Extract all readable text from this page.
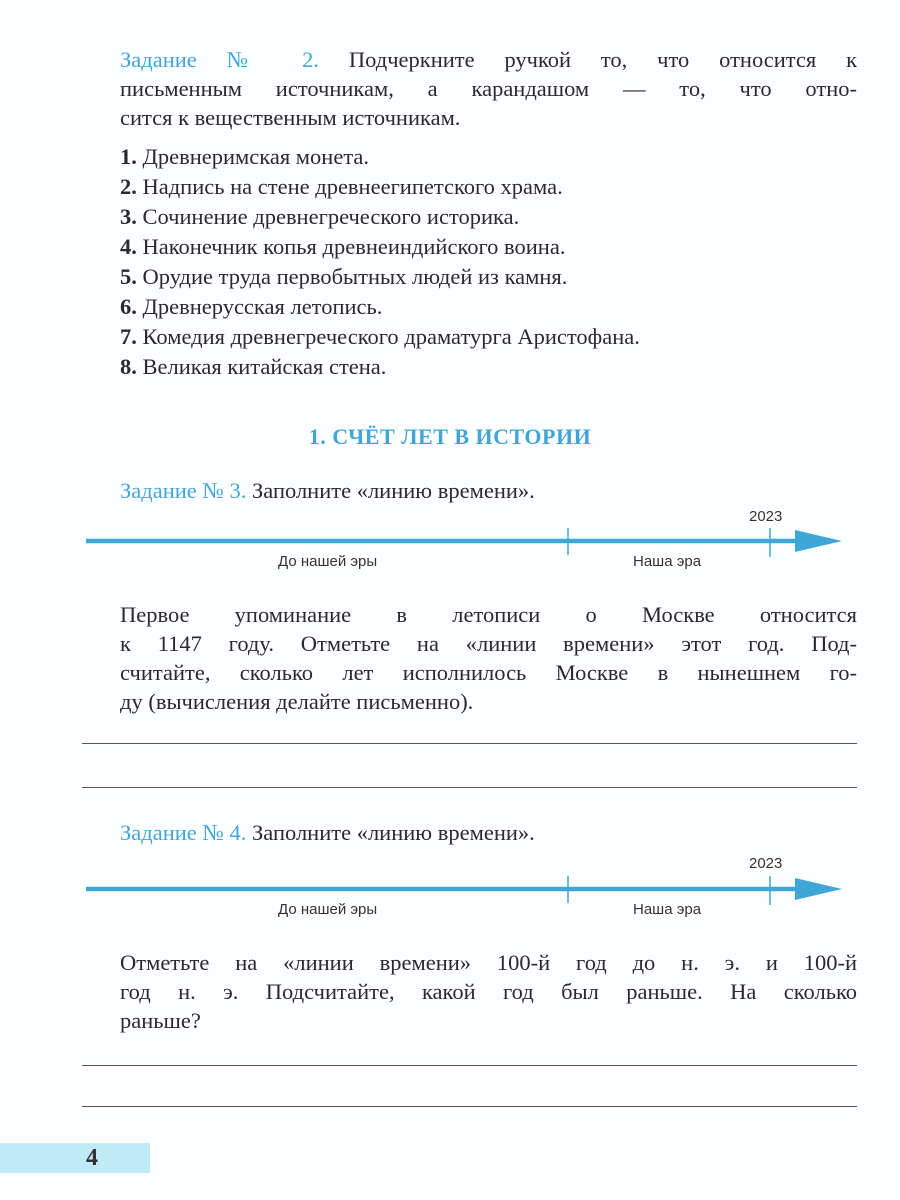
Задание № 2. Подчеркните ручкой то, что относится к
письменным источникам, а карандашом — то, что отно-
сится к вещественным источникам.
1. Древнеримская монета.
2. Надпись на стене древнеегипетского храма.
3. Сочинение древнегреческого историка.
4. Наконечник копья древнеиндийского воина.
5. Орудие труда первобытных людей из камня.
6. Древнерусская летопись.
7. Комедия древнегреческого драматурга Аристофана.
8. Великая китайская стена.
1. СЧЁТ ЛЕТ В ИСТОРИИ
Задание № 3. Заполните «линию времени».
2023
До нашей эры	Наша эра
Первое упоминание в летописи о Москве относится
к 1147 году. Отметьте на «линии времени» этот год. Под-
считайте, сколько лет исполнилось Москве в нынешнем го-
ду (вычисления делайте письменно).
Задание № 4. Заполните «линию времени».
2023
До нашей эры	Наша эра
Отметьте на «линии времени» 100-й год до н. э. и 100-й
год н. э. Подсчитайте, какой год был раньше. На сколько
раньше?
4
